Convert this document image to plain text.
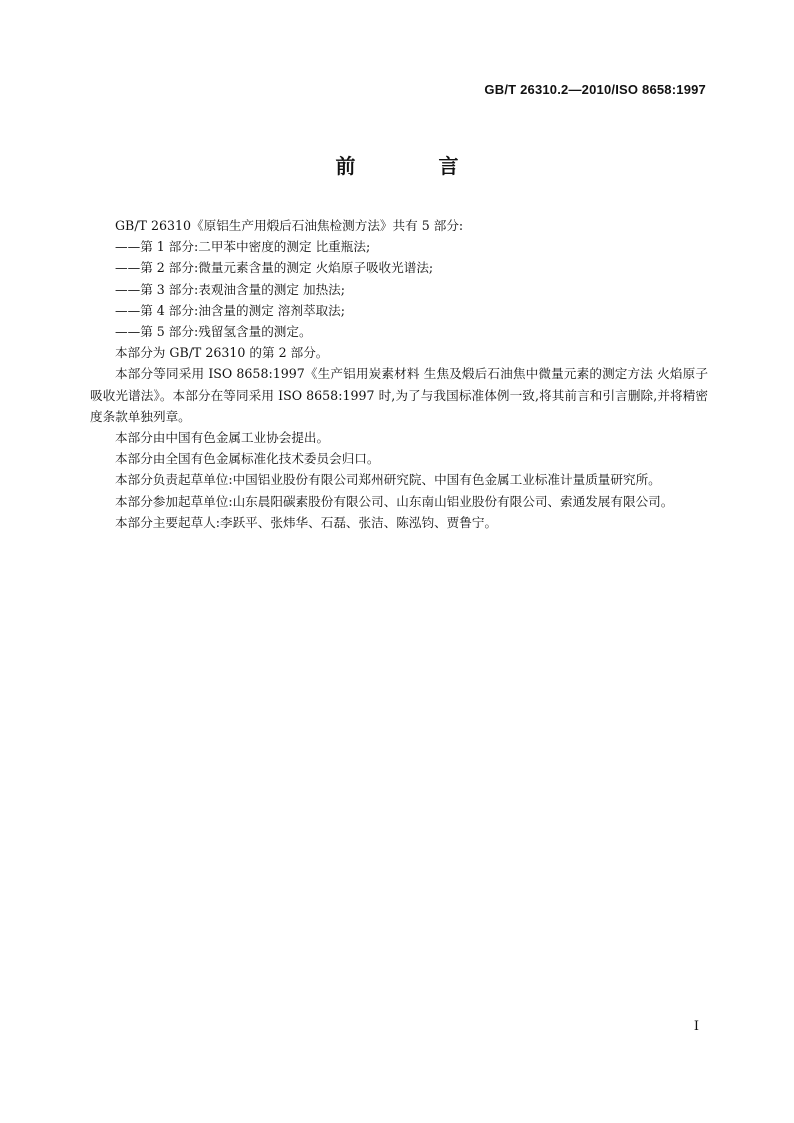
GB/T 26310.2—2010/ISO 8658:1997
前 言

GB/T 26310《原铝生产用煅后石油焦检测方法》共有 5 部分:

——第 1 部分:二甲苯中密度的测定 比重瓶法;

——第 2 部分:微量元素含量的测定 火焰原子吸收光谱法;

——第 3 部分:表观油含量的测定 加热法;

——第 4 部分:油含量的测定 溶剂萃取法;

——第 5 部分:残留氢含量的测定。

本部分为 GB/T 26310 的第 2 部分。

本部分等同采用 ISO 8658:1997《生产铝用炭素材料 生焦及煅后石油焦中微量元素的测定方法 火焰原子吸收光谱法》。本部分在等同采用 ISO 8658:1997 时,为了与我国标准体例一致,将其前言和引言删除,并将精密度条款单独列章。

本部分由中国有色金属工业协会提出。

本部分由全国有色金属标准化技术委员会归口。

本部分负责起草单位:中国铝业股份有限公司郑州研究院、中国有色金属工业标准计量质量研究所。

本部分参加起草单位:山东晨阳碳素股份有限公司、山东南山铝业股份有限公司、索通发展有限公司。

本部分主要起草人:李跃平、张炜华、石磊、张洁、陈泓钧、贾鲁宁。

I
